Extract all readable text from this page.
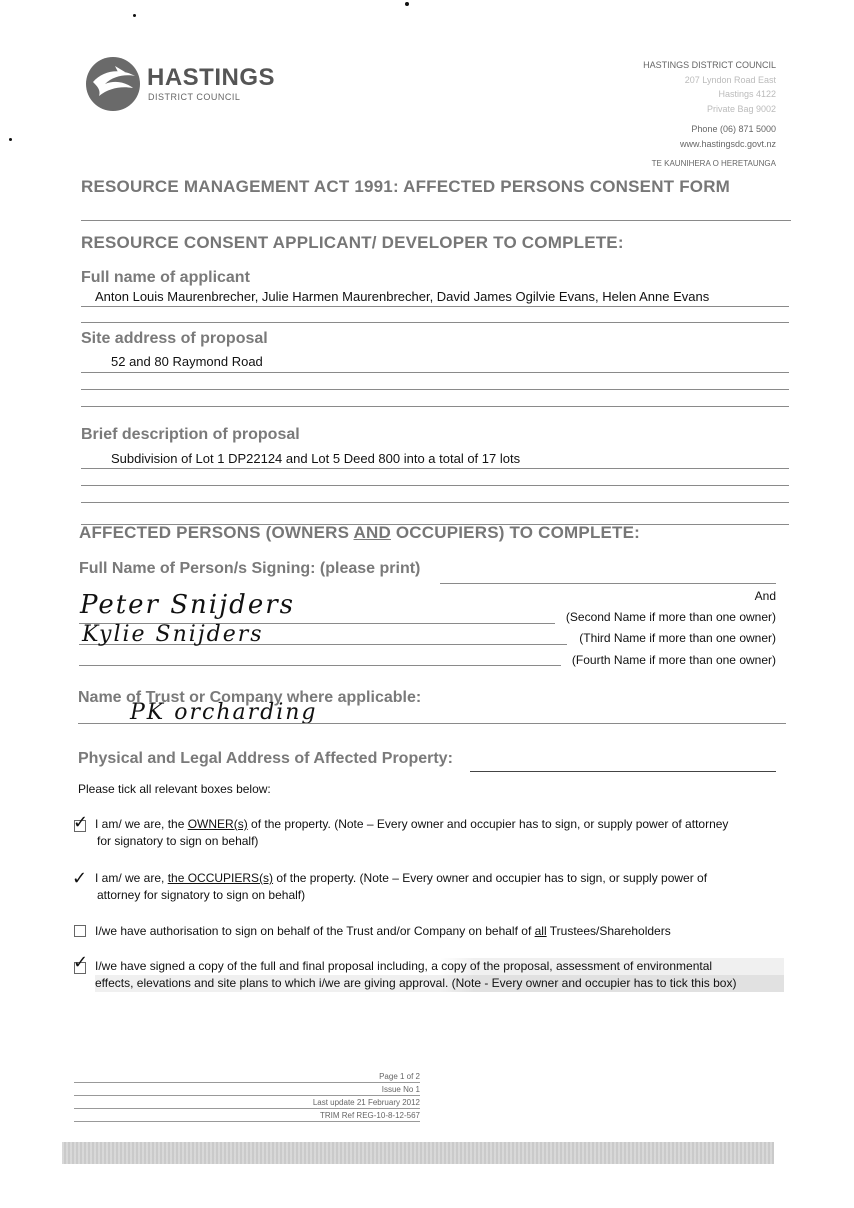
HASTINGS
DISTRICT COUNCIL
HASTINGS DISTRICT COUNCIL
207 Lyndon Road East
Hastings 4122
Private Bag 9002
Phone (06) 871 5000
www.hastingsdc.govt.nz
TE KAUNIHERA O HERETAUNGA
RESOURCE MANAGEMENT ACT 1991: AFFECTED PERSONS CONSENT FORM
RESOURCE CONSENT APPLICANT/ DEVELOPER TO COMPLETE:
Full name of applicant
Anton Louis Maurenbrecher, Julie Harmen Maurenbrecher, David James Ogilvie Evans, Helen Anne Evans
Site address of proposal
52 and 80 Raymond Road
Brief description of proposal
Subdivision of Lot 1 DP22124 and Lot 5 Deed 800 into a total of 17 lots
AFFECTED PERSONS (OWNERS AND OCCUPIERS) TO COMPLETE:
Full Name of Person/s Signing: (please print)
And
(Second Name if more than one owner)
(Third Name if more than one owner)
(Fourth Name if more than one owner)
Peter Snijders
Kylie Snijders
Name of Trust or Company where applicable:
PK orcharding
Physical and Legal Address of Affected Property:
Please tick all relevant boxes below:
✓ I am/ we are, the OWNER(s) of the property. (Note – Every owner and occupier has to sign, or supply power of attorney
for signatory to sign on behalf)
✓ I am/ we are, the OCCUPIERS(s) of the property. (Note – Every owner and occupier has to sign, or supply power of
attorney for signatory to sign on behalf)
I/we have authorisation to sign on behalf of the Trust and/or Company on behalf of all Trustees/Shareholders
✓ I/we have signed a copy of the full and final proposal including, a copy of the proposal, assessment of environmental
effects, elevations and site plans to which i/we are giving approval. (Note - Every owner and occupier has to tick this box)
Page 1 of 2
Issue No 1
Last update 21 February 2012
TRIM Ref REG-10-8-12-567
